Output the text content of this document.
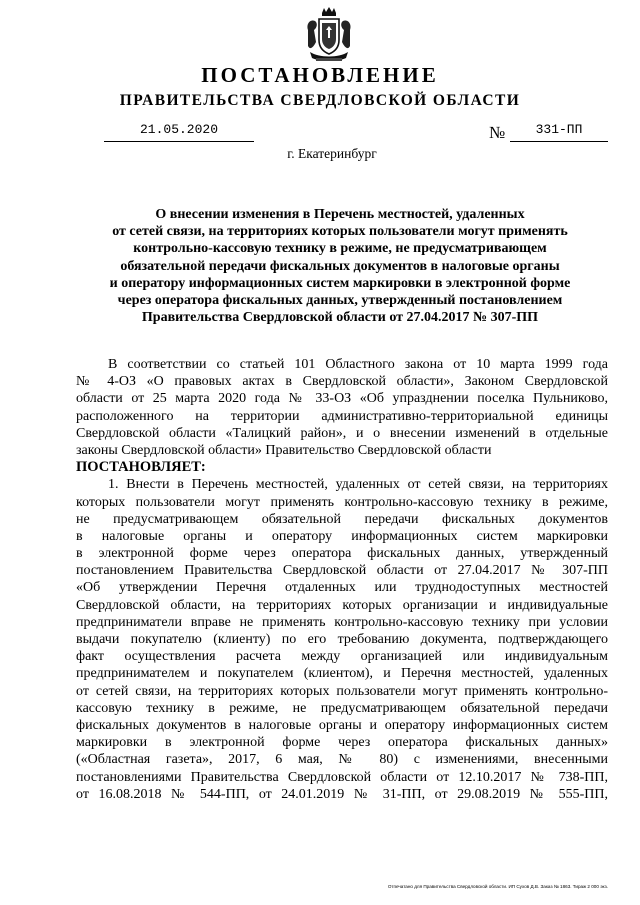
ПОСТАНОВЛЕНИЕ
ПРАВИТЕЛЬСТВА СВЕРДЛОВСКОЙ ОБЛАСТИ
21.05.2020	№	331-ПП
г. Екатеринбург
О внесении изменения в Перечень местностей, удаленных
от сетей связи, на территориях которых пользователи могут применять
контрольно-кассовую технику в режиме, не предусматривающем
обязательной передачи фискальных документов в налоговые органы
и оператору информационных систем маркировки в электронной форме
через оператора фискальных данных, утвержденный постановлением
Правительства Свердловской области от 27.04.2017 № 307-ПП
В соответствии со статьей 101 Областного закона от 10 марта 1999 года
№ 4-ОЗ «О правовых актах в Свердловской области», Законом Свердловской
области от 25 марта 2020 года № 33-ОЗ «Об упразднении поселка Пульниково,
расположенного на территории административно-территориальной единицы
Свердловской области «Талицкий район», и о внесении изменений в отдельные
законы Свердловской области» Правительство Свердловской области
ПОСТАНОВЛЯЕТ:
1. Внести в Перечень местностей, удаленных от сетей связи, на территориях
которых пользователи могут применять контрольно-кассовую технику в режиме,
не предусматривающем обязательной передачи фискальных документов
в налоговые органы и оператору информационных систем маркировки
в электронной форме через оператора фискальных данных, утвержденный
постановлением Правительства Свердловской области от 27.04.2017 № 307-ПП
«Об утверждении Перечня отдаленных или труднодоступных местностей
Свердловской области, на территориях которых организации и индивидуальные
предприниматели вправе не применять контрольно-кассовую технику при условии
выдачи покупателю (клиенту) по его требованию документа, подтверждающего
факт осуществления расчета между организацией или индивидуальным
предпринимателем и покупателем (клиентом), и Перечня местностей, удаленных
от сетей связи, на территориях которых пользователи могут применять контрольно-
кассовую технику в режиме, не предусматривающем обязательной передачи
фискальных документов в налоговые органы и оператору информационных систем
маркировки в электронной форме через оператора фискальных данных»
(«Областная газета», 2017, 6 мая, № 80) с изменениями, внесенными
постановлениями Правительства Свердловской области от 12.10.2017 № 738-ПП,
от 16.08.2018 № 544-ПП, от 24.01.2019 № 31-ПП, от 29.08.2019 № 555-ПП,
Отпечатано для Правительства Свердловской области. ИП Сухов Д.В. Заказ № 1863. Тираж 2 000 экз.
